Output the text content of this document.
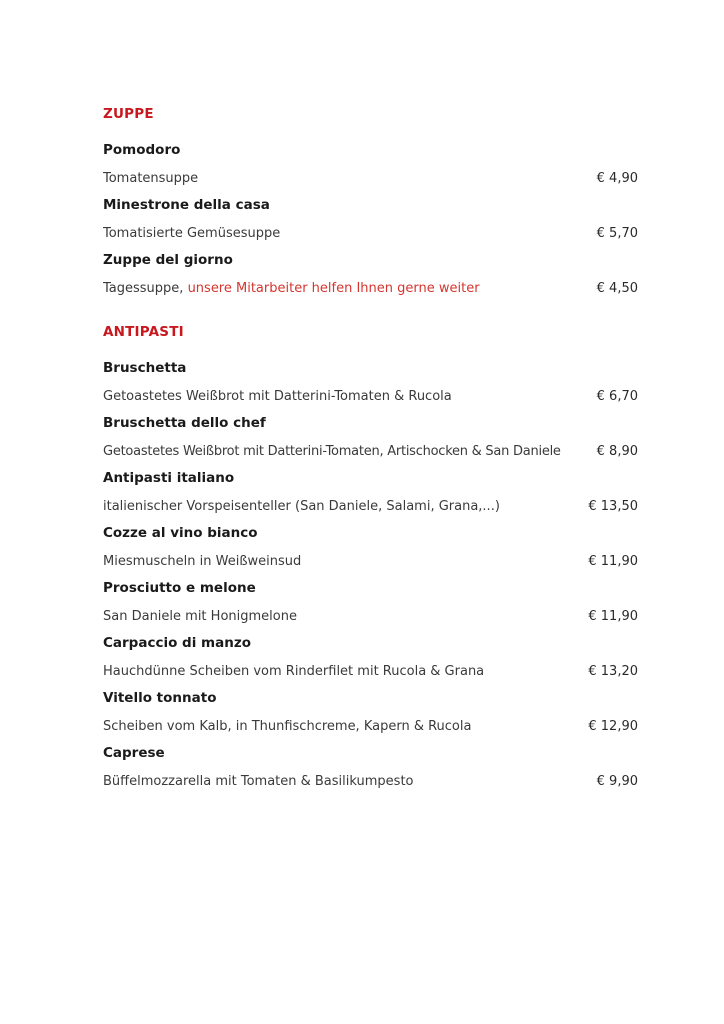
ZUPPE
Pomodoro
Tomatensuppe	€ 4,90
Minestrone della casa
Tomatisierte Gemüsesuppe	€ 5,70
Zuppe del giorno
Tagessuppe, unsere Mitarbeiter helfen Ihnen gerne weiter	€ 4,50
ANTIPASTI
Bruschetta
Getoastetes Weißbrot mit Datterini-Tomaten & Rucola	€ 6,70
Bruschetta dello chef
Getoastetes Weißbrot mit Datterini-Tomaten, Artischocken & San Daniele	€ 8,90
Antipasti italiano
italienischer Vorspeisenteller (San Daniele, Salami, Grana,...)	€ 13,50
Cozze al vino bianco
Miesmuscheln in Weißweinsud	€ 11,90
Prosciutto e melone
San Daniele mit Honigmelone	€ 11,90
Carpaccio di manzo
Hauchdünne Scheiben vom Rinderfilet mit Rucola & Grana	€ 13,20
Vitello tonnato
Scheiben vom Kalb, in Thunfischcreme, Kapern & Rucola	€ 12,90
Caprese
Büffelmozzarella mit Tomaten & Basilikumpesto	€ 9,90
